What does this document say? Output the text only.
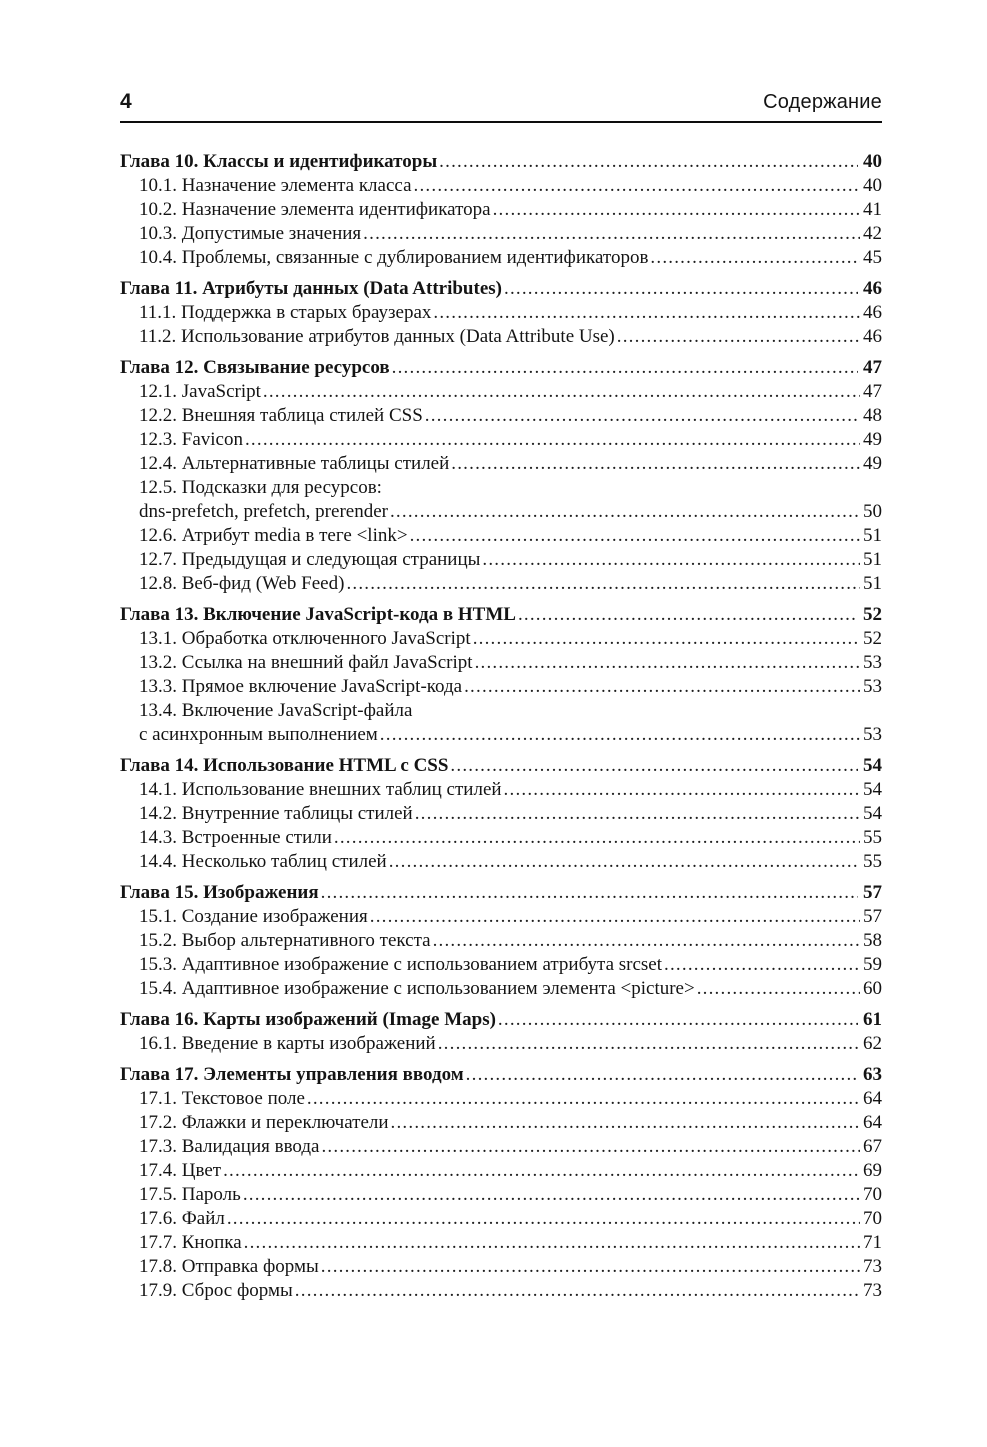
4	Содержание
Глава 10. Классы и идентификаторы .....	40
10.1. Назначение элемента класса .....	40
10.2. Назначение элемента идентификатора .....	41
10.3. Допустимые значения .....	42
10.4. Проблемы, связанные с дублированием идентификаторов .....	45
Глава 11. Атрибуты данных (Data Attributes) .....	46
11.1. Поддержка в старых браузерах .....	46
11.2. Использование атрибутов данных (Data Attribute Use) .....	46
Глава 12. Связывание ресурсов .....	47
12.1. JavaScript .....	47
12.2. Внешняя таблица стилей CSS .....	48
12.3. Favicon .....	49
12.4. Альтернативные таблицы стилей .....	49
12.5. Подсказки для ресурсов:
dns-prefetch, prefetch, prerender .....	50
12.6. Атрибут media в теге <link> .....	51
12.7. Предыдущая и следующая страницы .....	51
12.8. Веб-фид (Web Feed) .....	51
Глава 13. Включение JavaScript-кода в HTML .....	52
13.1. Обработка отключенного JavaScript .....	52
13.2. Ссылка на внешний файл JavaScript .....	53
13.3. Прямое включение JavaScript-кода .....	53
13.4. Включение JavaScript-файла
с асинхронным выполнением .....	53
Глава 14. Использование HTML с CSS .....	54
14.1. Использование внешних таблиц стилей .....	54
14.2. Внутренние таблицы стилей .....	54
14.3. Встроенные стили .....	55
14.4. Несколько таблиц стилей .....	55
Глава 15. Изображения .....	57
15.1. Создание изображения .....	57
15.2. Выбор альтернативного текста .....	58
15.3. Адаптивное изображение с использованием атрибута srcset .....	59
15.4. Адаптивное изображение с использованием элемента <picture> .....	60
Глава 16. Карты изображений (Image Maps) .....	61
16.1. Введение в карты изображений .....	62
Глава 17. Элементы управления вводом .....	63
17.1. Текстовое поле .....	64
17.2. Флажки и переключатели .....	64
17.3. Валидация ввода .....	67
17.4. Цвет .....	69
17.5. Пароль .....	70
17.6. Файл .....	70
17.7. Кнопка .....	71
17.8. Отправка формы .....	73
17.9. Сброс формы .....	73
